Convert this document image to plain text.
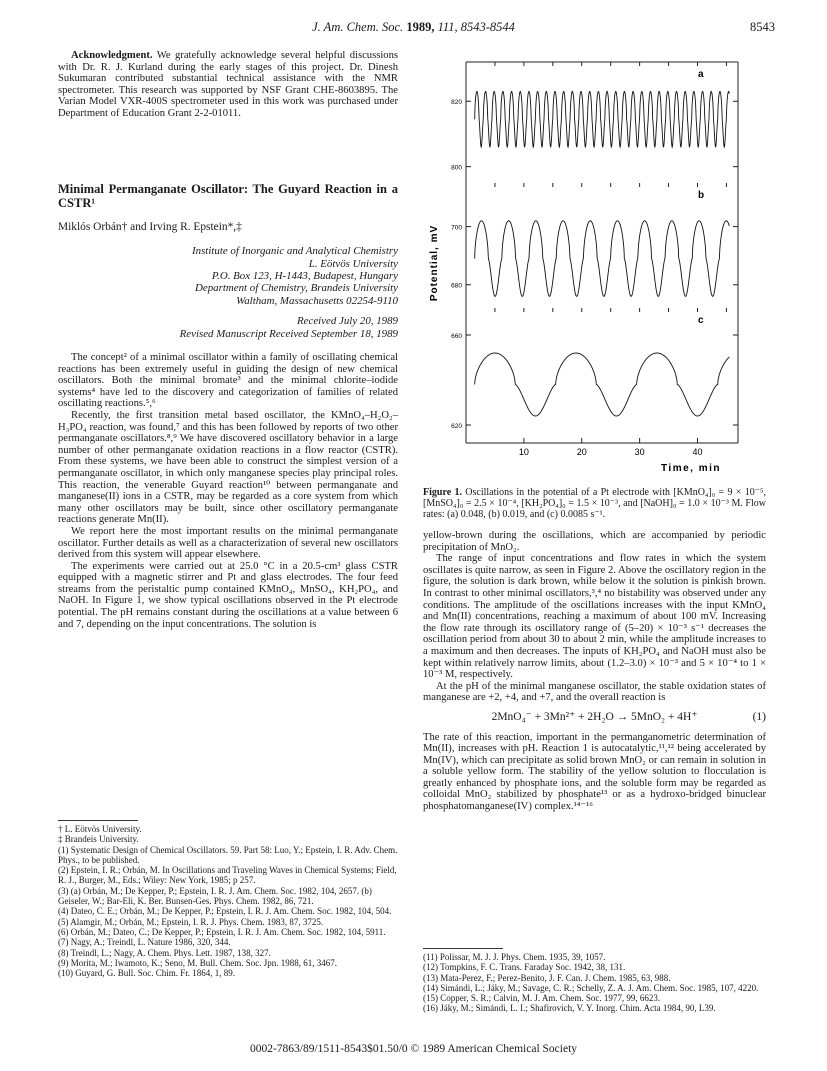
J. Am. Chem. Soc. 1989, 111, 8543-8544	8543

Acknowledgment. We gratefully acknowledge several helpful discussions with Dr. R. J. Kurland during the early stages of this project. Dr. Dinesh Sukumaran contributed substantial technical assistance with the NMR spectrometer. This research was supported by NSF Grant CHE-8603895. The Varian Model VXR-400S spectrometer used in this work was purchased under Department of Education Grant 2-2-01011.

Minimal Permanganate Oscillator: The Guyard Reaction in a CSTR¹

Miklós Orbán† and Irving R. Epstein*,‡

Institute of Inorganic and Analytical Chemistry
L. Eötvös University
P.O. Box 123, H-1443, Budapest, Hungary
Department of Chemistry, Brandeis University
Waltham, Massachusetts 02254-9110
Received July 20, 1989
Revised Manuscript Received September 18, 1989

The concept² of a minimal oscillator within a family of oscillating chemical reactions has been extremely useful in guiding the design of new chemical oscillators. Both the minimal bromate³ and the minimal chlorite–iodide systems⁴ have led to the discovery and categorization of families of related oscillating reactions.⁵,⁶

Recently, the first transition metal based oscillator, the KMnO₄–H₂O₂–H₃PO₄ reaction, was found,⁷ and this has been followed by reports of two other permanganate oscillators.⁸,⁹ We have discovered oscillatory behavior in a large number of other permanganate oxidation reactions in a flow reactor (CSTR). From these systems, we have been able to construct the simplest version of a permanganate oscillator, in which only manganese species play principal roles. This reaction, the venerable Guyard reaction¹⁰ between permanganate and manganese(II) ions in a CSTR, may be regarded as a core system from which many other oscillators may be built, since other oscillatory permanganate reactions generate Mn(II).

We report here the most important results on the minimal permanganate oscillator. Further details as well as a characterization of several new oscillators derived from this system will appear elsewhere.

The experiments were carried out at 25.0 °C in a 20.5-cm³ glass CSTR equipped with a magnetic stirrer and Pt and glass electrodes. The four feed streams from the peristaltic pump contained KMnO₄, MnSO₄, KH₂PO₄, and NaOH. In Figure 1, we show typical oscillations observed in the Pt electrode potential. The pH remains constant during the oscillations at a value between 6 and 7, depending on the input concentrations. The solution is

† L. Eötvös University.

‡ Brandeis University.

(1) Systematic Design of Chemical Oscillators. 59. Part 58: Luo, Y.; Epstein, I. R. Adv. Chem. Phys., to be published.

(2) Epstein, I. R.; Orbán, M. In Oscillations and Traveling Waves in Chemical Systems; Field, R. J., Burger, M., Eds.; Wiley: New York, 1985; p 257.

(3) (a) Orbán, M.; De Kepper, P.; Epstein, I. R. J. Am. Chem. Soc. 1982, 104, 2657. (b) Geiseler, W.; Bar-Eli, K. Ber. Bunsen-Ges. Phys. Chem. 1982, 86, 721.

(4) Dateo, C. E.; Orbán, M.; De Kepper, P.; Epstein, I. R. J. Am. Chem. Soc. 1982, 104, 504.

(5) Alamgir, M.; Orbán, M.; Epstein, I. R. J. Phys. Chem. 1983, 87, 3725.

(6) Orbán, M.; Dateo, C.; De Kepper, P.; Epstein, I. R. J. Am. Chem. Soc. 1982, 104, 5911.

(7) Nagy, A.; Treindl, L. Nature 1986, 320, 344.

(8) Treindl, L.; Nagy, A. Chem. Phys. Lett. 1987, 138, 327.

(9) Morita, M.; Iwamoto, K.; Seno, M. Bull. Chem. Soc. Jpn. 1988, 61, 3467.

(10) Guyard, G. Bull. Soc. Chim. Fr. 1864, 1, 89.

a
820
800
b
700
680
c
660
620
10	20	30	40
Potential, mV
Time, min

Figure 1. Oscillations in the potential of a Pt electrode with [KMnO₄]₀ = 9 × 10⁻⁵, [MnSO₄]₀ = 2.5 × 10⁻⁴, [KH₂PO₄]₀ = 1.5 × 10⁻³, and [NaOH]₀ = 1.0 × 10⁻³ M. Flow rates: (a) 0.048, (b) 0.019, and (c) 0.0085 s⁻¹.

yellow-brown during the oscillations, which are accompanied by periodic precipitation of MnO₂.

The range of input concentrations and flow rates in which the system oscillates is quite narrow, as seen in Figure 2. Above the oscillatory region in the figure, the solution is dark brown, while below it the solution is pinkish brown. In contrast to other minimal oscillators,³,⁴ no bistability was observed under any conditions. The amplitude of the oscillations increases with the input KMnO₄ and Mn(II) concentrations, reaching a maximum of about 100 mV. Increasing the flow rate through its oscillatory range of (5–20) × 10⁻³ s⁻¹ decreases the oscillation period from about 30 to about 2 min, while the amplitude increases to a maximum and then decreases. The inputs of KH₂PO₄ and NaOH must also be kept within relatively narrow limits, about (1.2–3.0) × 10⁻³ and 5 × 10⁻⁴ to 1 × 10⁻³ M, respectively.

At the pH of the minimal manganese oscillator, the stable oxidation states of manganese are +2, +4, and +7, and the overall reaction is

2MnO₄⁻ + 3Mn²⁺ + 2H₂O → 5MnO₂ + 4H⁺	(1)

The rate of this reaction, important in the permanganometric determination of Mn(II), increases with pH. Reaction 1 is autocatalytic,¹¹,¹² being accelerated by Mn(IV), which can precipitate as solid brown MnO₂ or can remain in solution in a soluble yellow form. The stability of the yellow solution to flocculation is greatly enhanced by phosphate ions, and the soluble form may be regarded as colloidal MnO₂ stabilized by phosphate¹³ or as a hydroxo-bridged binuclear phosphatomanganese(IV) complex.¹⁴⁻¹⁶

(11) Polissar, M. J. J. Phys. Chem. 1935, 39, 1057.

(12) Tompkins, F. C. Trans. Faraday Soc. 1942, 38, 131.

(13) Mata-Perez, F.; Perez-Benito, J. F. Can. J. Chem. 1985, 63, 988.

(14) Simándi, L.; Jáky, M.; Savage, C. R.; Schelly, Z. A. J. Am. Chem. Soc. 1985, 107, 4220.

(15) Copper, S. R.; Calvin, M. J. Am. Chem. Soc. 1977, 99, 6623.

(16) Jáky, M.; Simándi, L. I.; Shafirovich, V. Y. Inorg. Chim. Acta 1984, 90, L39.

0002-7863/89/1511-8543$01.50/0 © 1989 American Chemical Society
